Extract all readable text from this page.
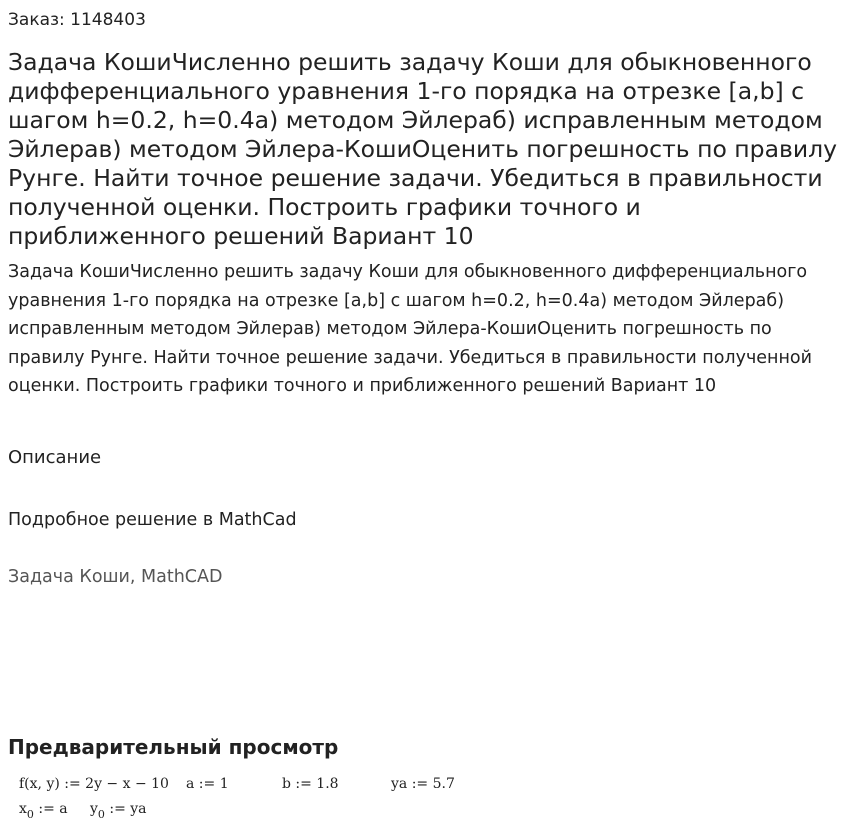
Заказ: 1148403
Задача КошиЧисленно решить задачу Коши для обыкновенного дифференциального уравнения 1-го порядка на отрезке [a,b] с шагом h=0.2, h=0.4а) методом Эйлераб) исправленным методом Эйлерав) методом Эйлера-КошиОценить погрешность по правилу Рунге. Найти точное решение задачи. Убедиться в правильности полученной оценки. Построить графики точного и приближенного решений Вариант 10

Задача КошиЧисленно решить задачу Коши для обыкновенного дифференциального уравнения 1-го порядка на отрезке [a,b] с шагом h=0.2, h=0.4а) методом Эйлераб) исправленным методом Эйлерав) методом Эйлера-КошиОценить погрешность по правилу Рунге. Найти точное решение задачи. Убедиться в правильности полученной оценки. Построить графики точного и приближенного решений Вариант 10

Описание
Подробное решение в MathCad
Задача Коши, MathCAD
Предварительный просмотр
f(x, y) := 2y − x − 10 a := 1	b := 1.8	ya := 5.7
$x_0$ := a $y_0$ := ya
